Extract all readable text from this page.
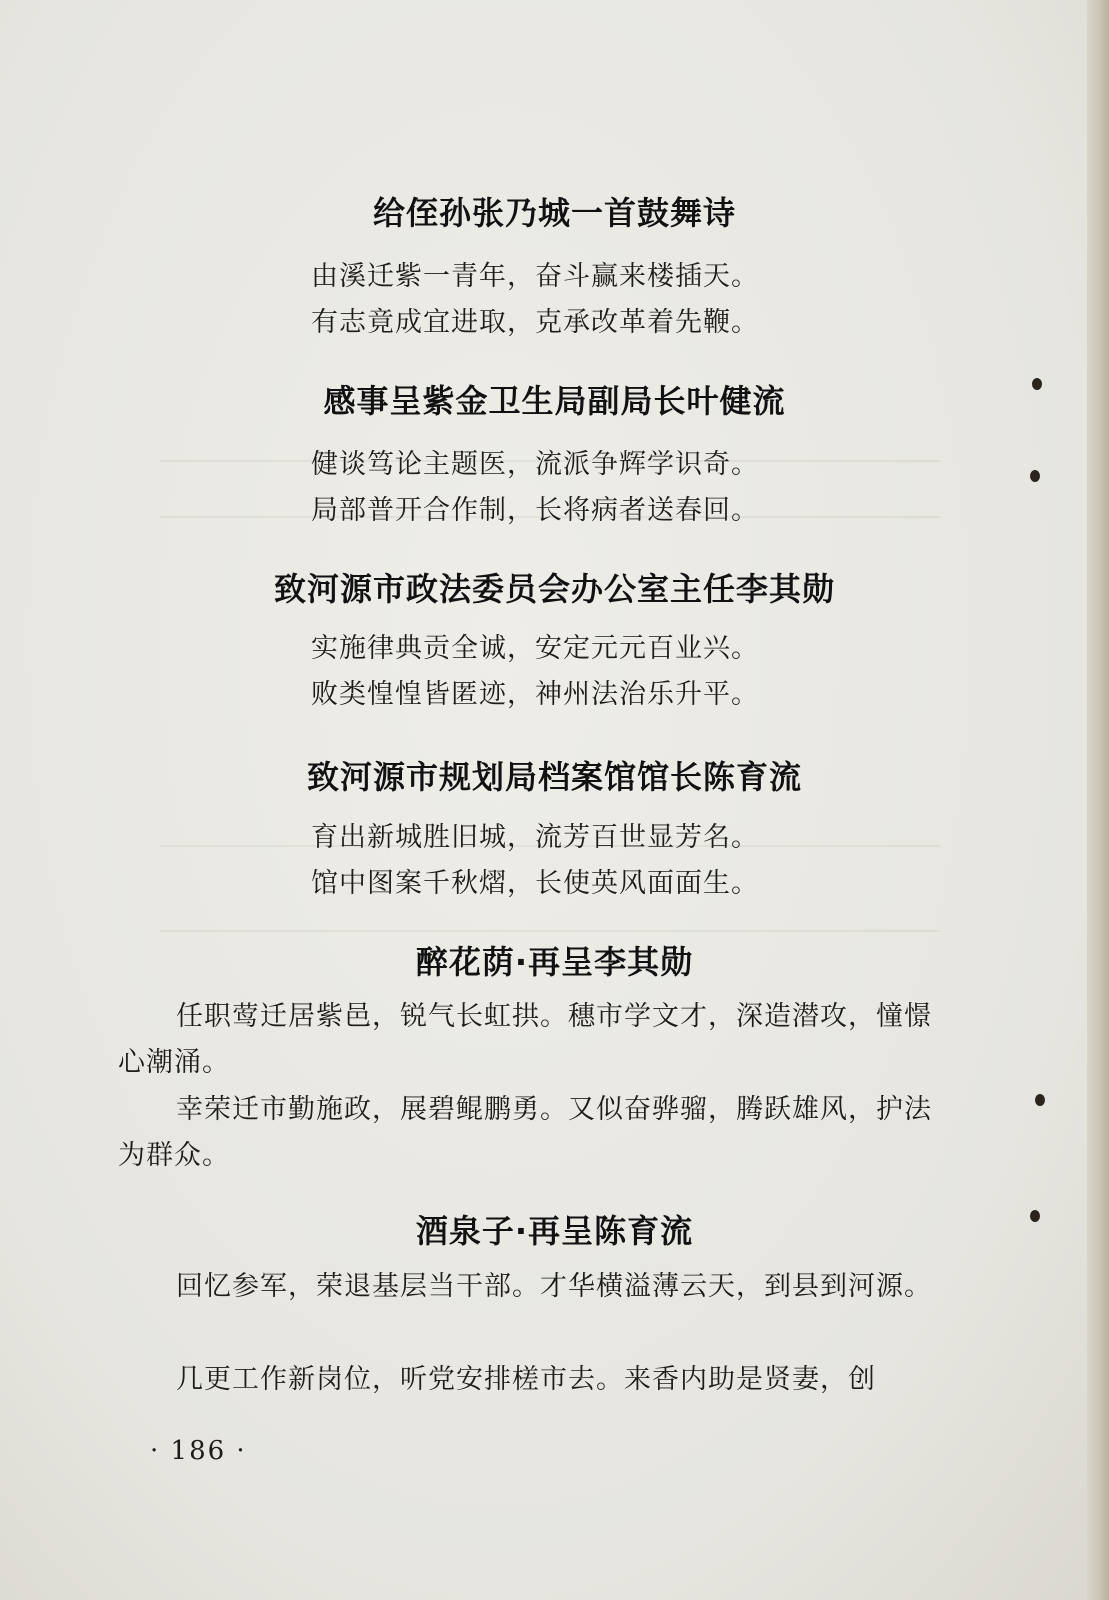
给侄孙张乃城一首鼓舞诗
由溪迁紫一青年，奋斗赢来楼插天。
有志竟成宜进取，克承改革着先鞭。
感事呈紫金卫生局副局长叶健流
健谈笃论主题医，流派争辉学识奇。
局部普开合作制，长将病者送春回。
致河源市政法委员会办公室主任李其勋
实施律典贡全诚，安定元元百业兴。
败类惶惶皆匿迹，神州法治乐升平。
致河源市规划局档案馆馆长陈育流
育出新城胜旧城，流芳百世显芳名。
馆中图案千秋熠，长使英风面面生。
醉花荫·再呈李其勋

任职莺迁居紫邑，锐气长虹拱。穗市学文才，深造潜攻，憧憬心潮涌。

幸荣迁市勤施政，展碧鲲鹏勇。又似奋骅骝，腾跃雄风，护法为群众。

酒泉子·再呈陈育流

回忆参军，荣退基层当干部。才华横溢薄云天，到县到河源。

几更工作新岗位，听党安排槎市去。来香内助是贤妻，创

· 186 ·
